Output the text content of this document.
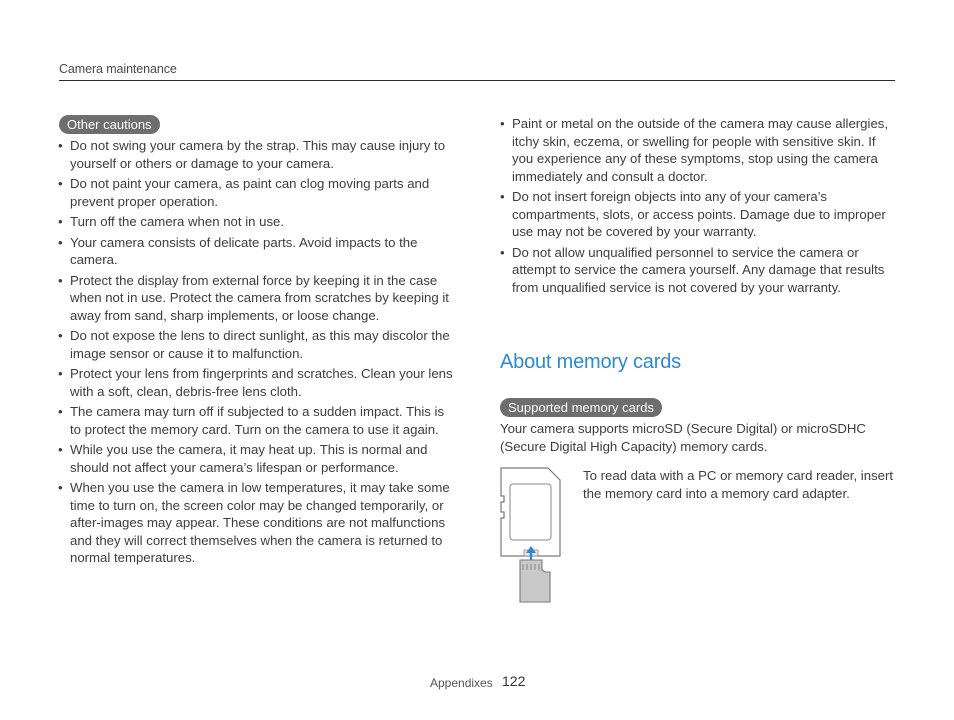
Camera maintenance
Other cautions
• Do not swing your camera by the strap. This may cause injury to yourself or others or damage to your camera.
• Do not paint your camera, as paint can clog moving parts and prevent proper operation.
• Turn off the camera when not in use.
• Your camera consists of delicate parts. Avoid impacts to the camera.
• Protect the display from external force by keeping it in the case when not in use. Protect the camera from scratches by keeping it away from sand, sharp implements, or loose change.
• Do not expose the lens to direct sunlight, as this may discolor the image sensor or cause it to malfunction.
• Protect your lens from fingerprints and scratches. Clean your lens with a soft, clean, debris-free lens cloth.
• The camera may turn off if subjected to a sudden impact. This is to protect the memory card. Turn on the camera to use it again.
• While you use the camera, it may heat up. This is normal and should not affect your camera’s lifespan or performance.
• When you use the camera in low temperatures, it may take some time to turn on, the screen color may be changed temporarily, or after-images may appear. These conditions are not malfunctions and they will correct themselves when the camera is returned to normal temperatures.
• Paint or metal on the outside of the camera may cause allergies, itchy skin, eczema, or swelling for people with sensitive skin. If you experience any of these symptoms, stop using the camera immediately and consult a doctor.
• Do not insert foreign objects into any of your camera’s compartments, slots, or access points. Damage due to improper use may not be covered by your warranty.
• Do not allow unqualified personnel to service the camera or attempt to service the camera yourself. Any damage that results from unqualified service is not covered by your warranty.
About memory cards
Supported memory cards

Your camera supports microSD (Secure Digital) or microSDHC (Secure Digital High Capacity) memory cards.

To read data with a PC or memory card reader, insert the memory card into a memory card adapter.

Appendixes 122
